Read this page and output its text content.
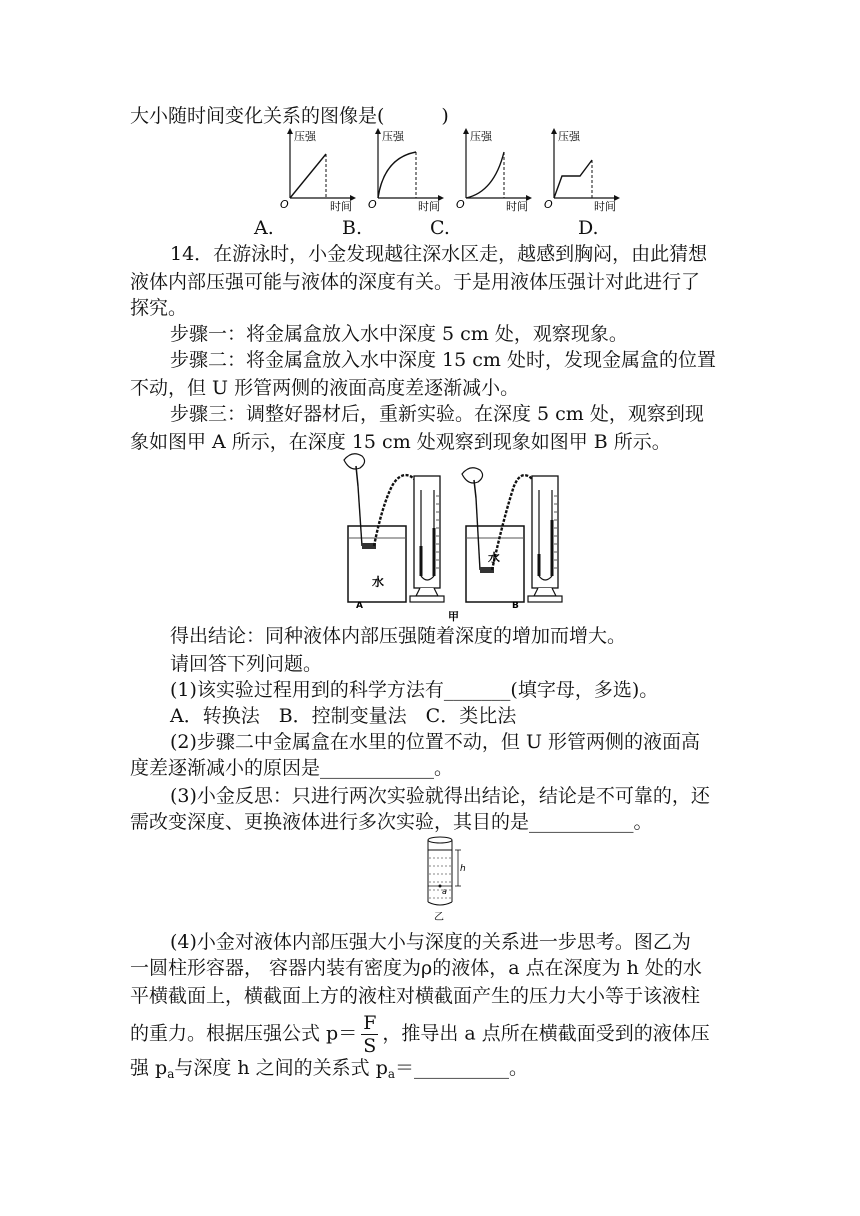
大小随时间变化关系的图像是(　　　)
压强
O	时间
压强
O	时间
压强
O	时间
压强
O	时间
A.	B.	C.	D.
14．在游泳时，小金发现越往深水区走，越感到胸闷，由此猜想
液体内部压强可能与液体的深度有关。于是用液体压强计对此进行了
探究。
步骤一：将金属盒放入水中深度 5 cm 处，观察现象。
步骤二：将金属盒放入水中深度 15 cm 处时，发现金属盒的位置
不动，但 U 形管两侧的液面高度差逐渐减小。
步骤三：调整好器材后，重新实验。在深度 5 cm 处，观察到现
象如图甲 A 所示，在深度 15 cm 处观察到现象如图甲 B 所示。
水
A
水
B
甲
得出结论：同种液体内部压强随着深度的增加而增大。
请回答下列问题。
(1)该实验过程用到的科学方法有_______(填字母，多选)。
A．转换法　B．控制变量法　C．类比法
(2)步骤二中金属盒在水里的位置不动，但 U 形管两侧的液面高
度差逐渐减小的原因是____________。
(3)小金反思：只进行两次实验就得出结论，结论是不可靠的，还
需改变深度、更换液体进行多次实验，其目的是___________。
h
a
乙
(4)小金对液体内部压强大小与深度的关系进一步思考。图乙为
一圆柱形容器， 容器内装有密度为ρ的液体，a 点在深度为 h 处的水
平横截面上，横截面上方的液柱对横截面产生的压力大小等于该液柱
的重力。根据压强公式 $p= \frac{F}{S}$ ，推导出 a 点所在横截面受到的液体压
强 $p_a$与深度 h 之间的关系式 $p_a=\_\_\_\_\_\_\_\_\_\_$。
